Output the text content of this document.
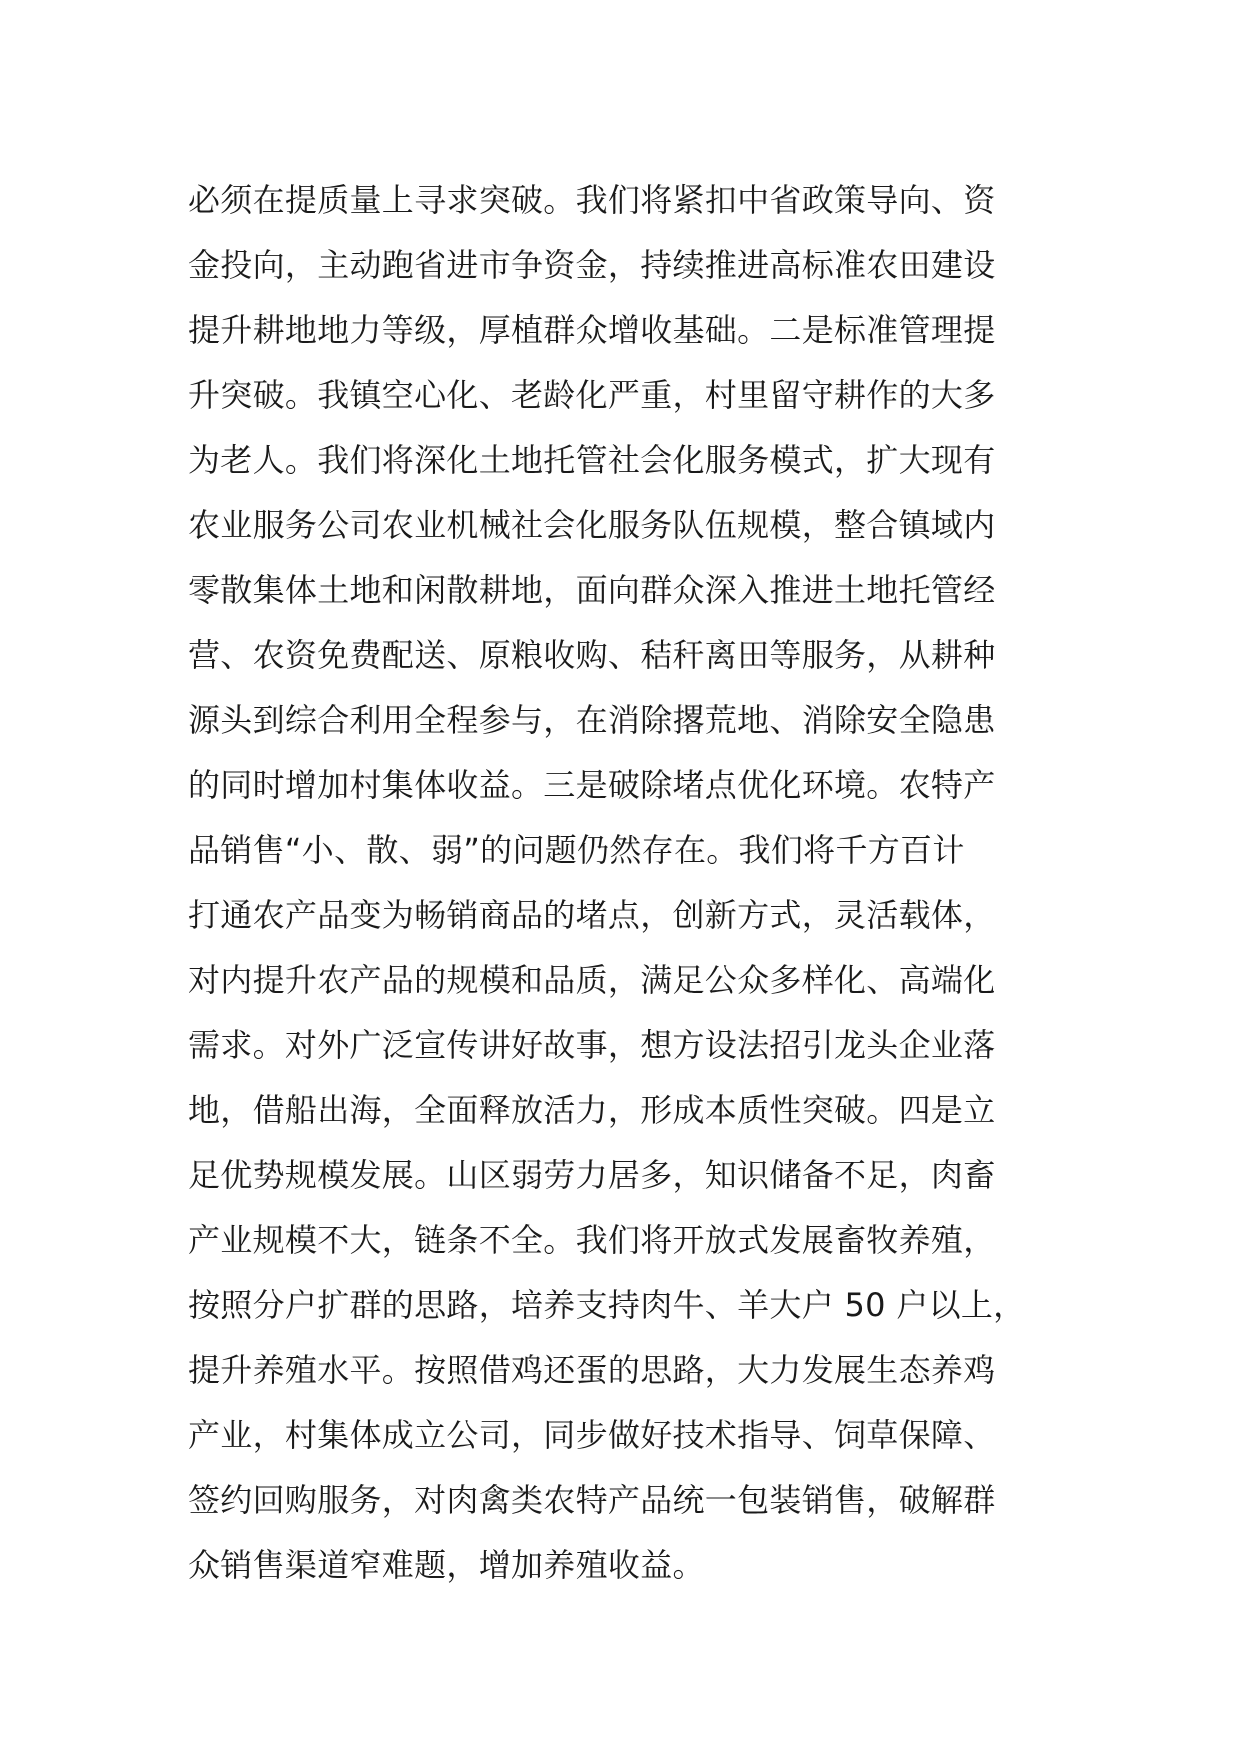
必须在提质量上寻求突破。我们将紧扣中省政策导向、资
金投向，主动跑省进市争资金，持续推进高标准农田建设
提升耕地地力等级，厚植群众增收基础。二是标准管理提
升突破。我镇空心化、老龄化严重，村里留守耕作的大多
为老人。我们将深化土地托管社会化服务模式，扩大现有
农业服务公司农业机械社会化服务队伍规模，整合镇域内
零散集体土地和闲散耕地，面向群众深入推进土地托管经
营、农资免费配送、原粮收购、秸秆离田等服务，从耕种
源头到综合利用全程参与，在消除撂荒地、消除安全隐患
的同时增加村集体收益。三是破除堵点优化环境。农特产
品销售“小、散、弱”的问题仍然存在。我们将千方百计
打通农产品变为畅销商品的堵点，创新方式，灵活载体，
对内提升农产品的规模和品质，满足公众多样化、高端化
需求。对外广泛宣传讲好故事，想方设法招引龙头企业落
地，借船出海，全面释放活力，形成本质性突破。四是立
足优势规模发展。山区弱劳力居多，知识储备不足，肉畜
产业规模不大，链条不全。我们将开放式发展畜牧养殖，
按照分户扩群的思路，培养支持肉牛、羊大户 50 户以上，
提升养殖水平。按照借鸡还蛋的思路，大力发展生态养鸡
产业，村集体成立公司，同步做好技术指导、饲草保障、
签约回购服务，对肉禽类农特产品统一包装销售，破解群
众销售渠道窄难题，增加养殖收益。
